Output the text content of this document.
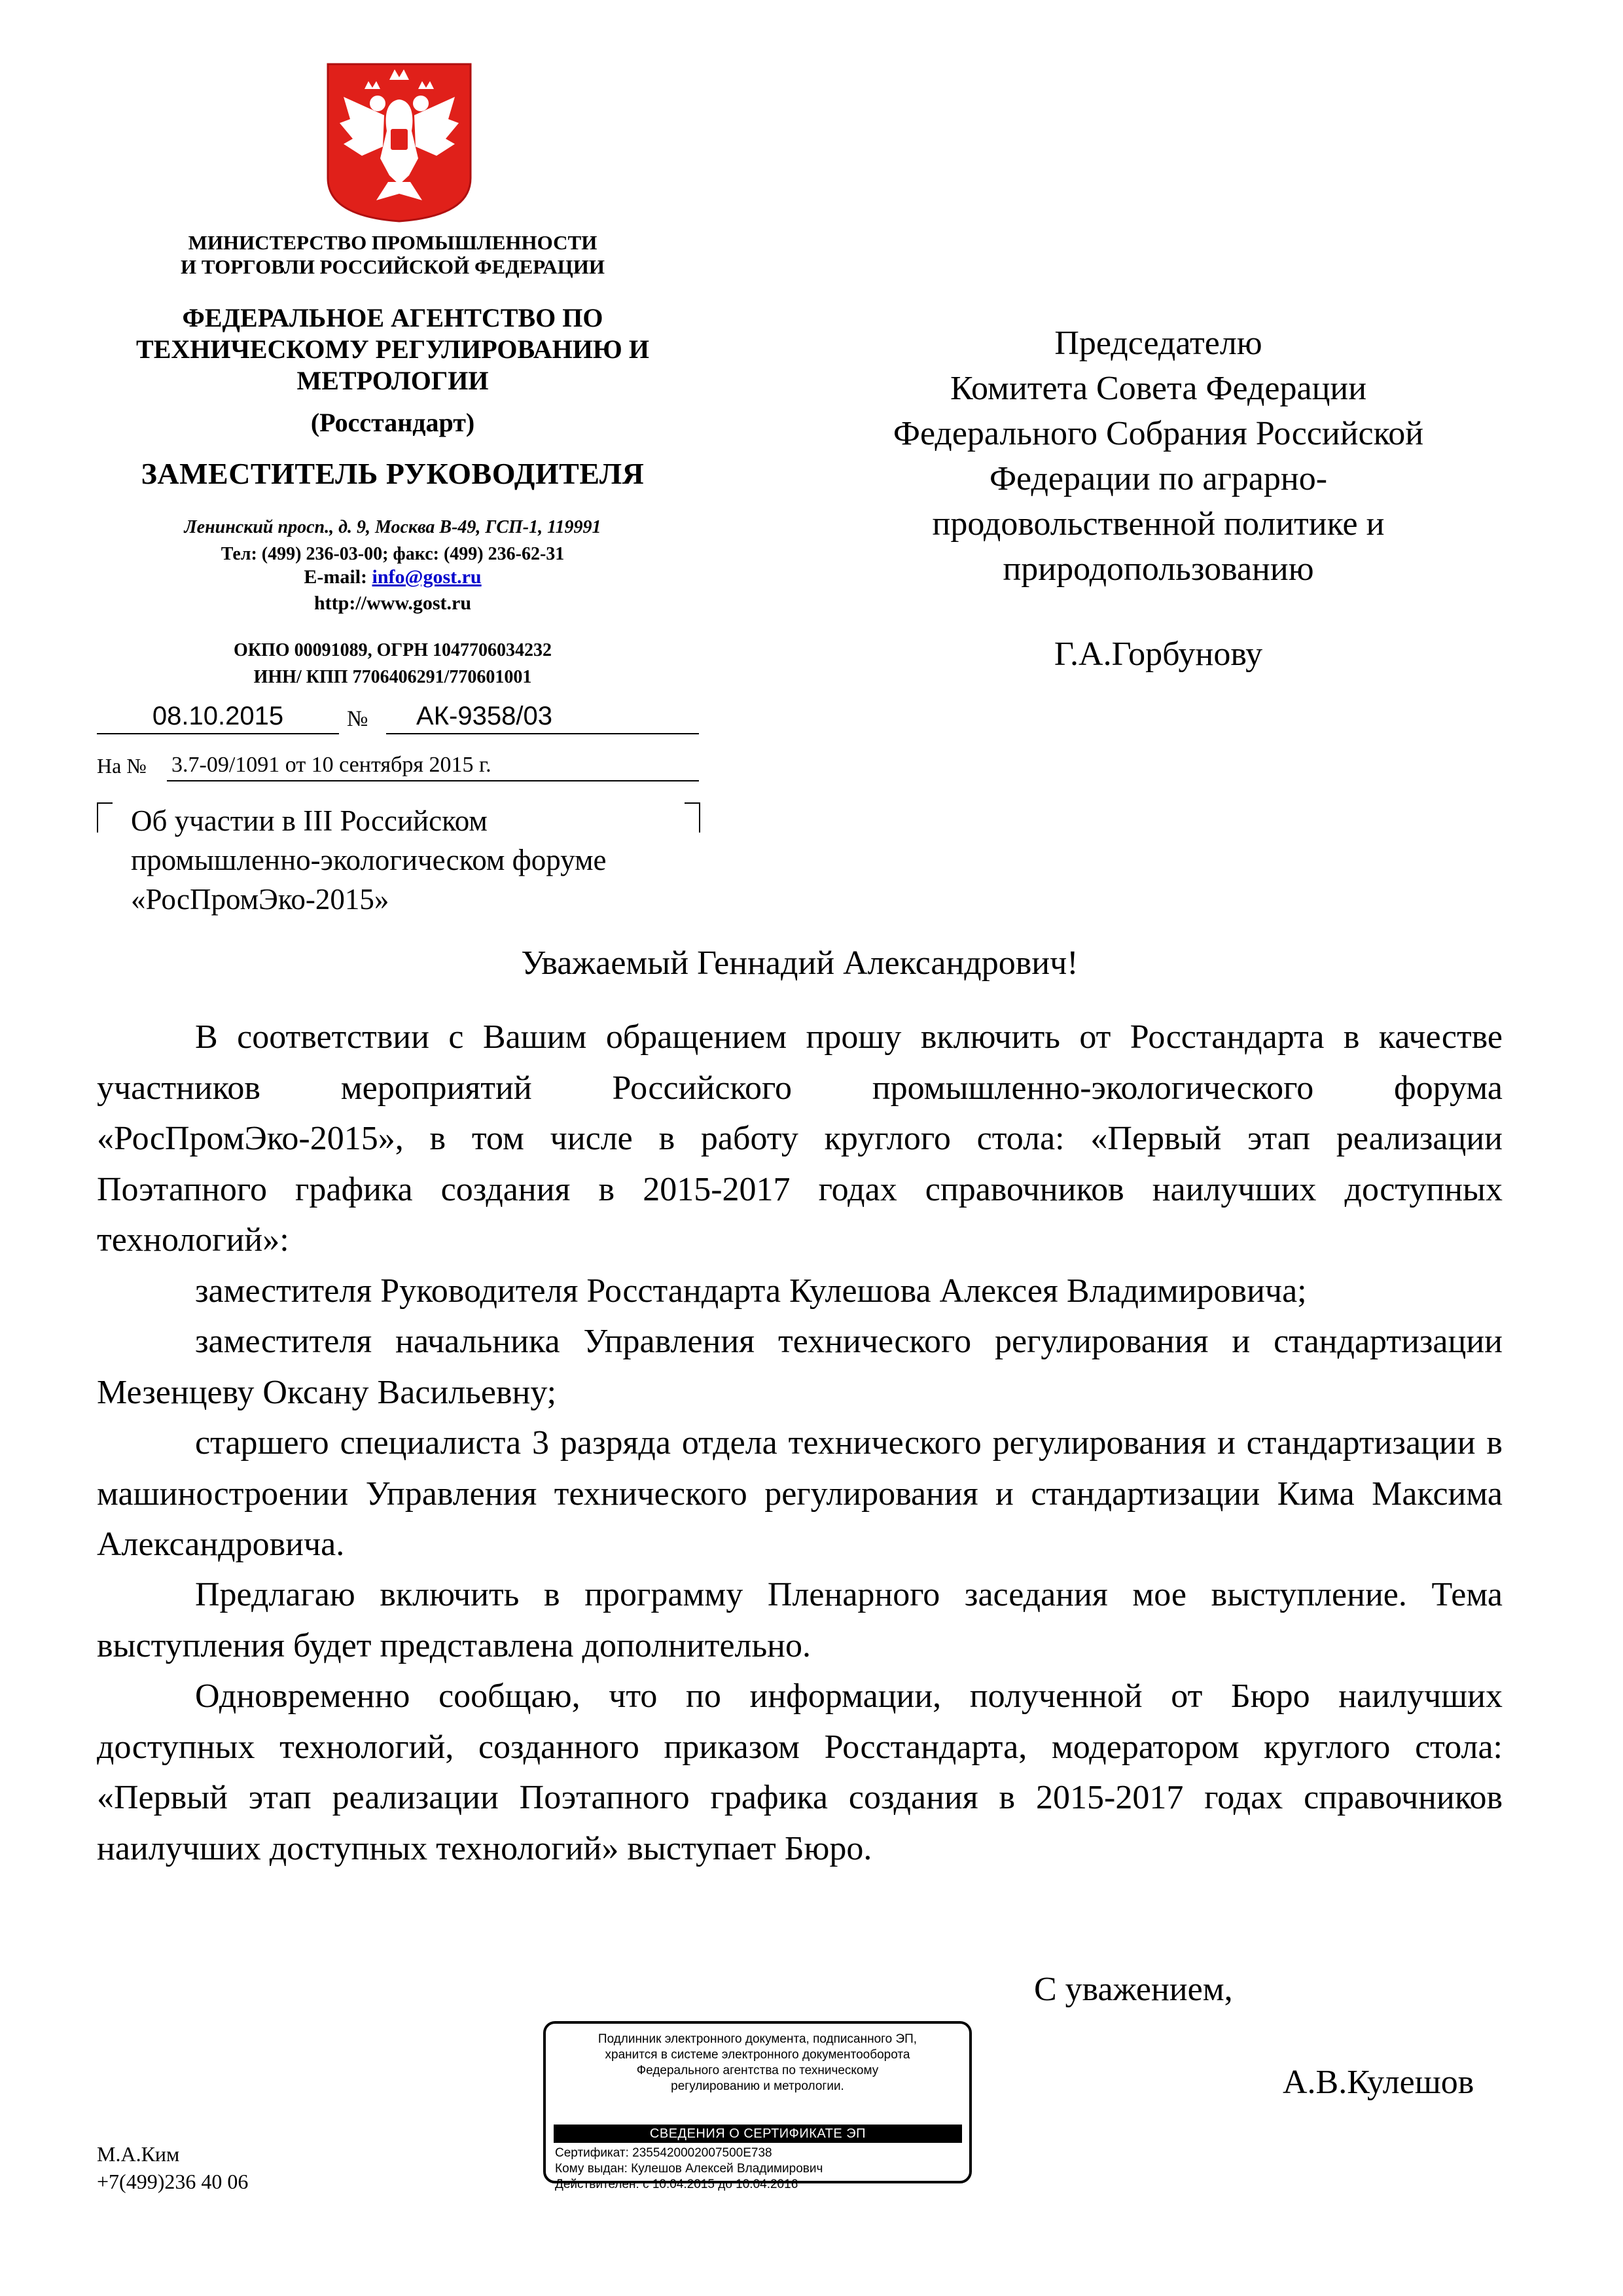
МИНИСТЕРСТВО ПРОМЫШЛЕННОСТИ
И ТОРГОВЛИ РОССИЙСКОЙ ФЕДЕРАЦИИ
ФЕДЕРАЛЬНОЕ АГЕНТСТВО ПО
ТЕХНИЧЕСКОМУ РЕГУЛИРОВАНИЮ И
МЕТРОЛОГИИ
(Росстандарт)
ЗАМЕСТИТЕЛЬ РУКОВОДИТЕЛЯ
Ленинский просп., д. 9, Москва В-49, ГСП-1, 119991
Тел: (499) 236-03-00; факс: (499) 236-62-31
E-mail: info@gost.ru
http://www.gost.ru
ОКПО 00091089, ОГРН 1047706034232
ИНН/ КПП 7706406291/770601001
08.10.2015	№	АК-9358/03
На № 3.7-09/1091 от 10 сентября 2015 г.
Об участии в III Российском
промышленно-экологическом форуме
«РосПромЭко-2015»
Председателю
Комитета Совета Федерации
Федерального Собрания Российской
Федерации по аграрно-
продовольственной политике и
природопользованию
Г.А.Горбунову
Уважаемый Геннадий Александрович!
В соответствии с Вашим обращением прошу включить от Росстандарта в качестве участников мероприятий Российского промышленно-экологического форума «РосПромЭко-2015», в том числе в работу круглого стола: «Первый этап реализации Поэтапного графика создания в 2015-2017 годах справочников наилучших доступных технологий»:
заместителя Руководителя Росстандарта Кулешова Алексея Владимировича;
заместителя начальника Управления технического регулирования и стандартизации Мезенцеву Оксану Васильевну;
старшего специалиста 3 разряда отдела технического регулирования и стандартизации в машиностроении Управления технического регулирования и стандартизации Кима Максима Александровича.
Предлагаю включить в программу Пленарного заседания мое выступление. Тема выступления будет представлена дополнительно.
Одновременно сообщаю, что по информации, полученной от Бюро наилучших доступных технологий, созданного приказом Росстандарта, модератором круглого стола: «Первый этап реализации Поэтапного графика создания в 2015-2017 годах справочников наилучших доступных технологий» выступает Бюро.
С уважением,
А.В.Кулешов
Подлинник электронного документа, подписанного ЭП,
хранится в системе электронного документооборота
Федерального агентства по техническому
регулированию и метрологии.
СВЕДЕНИЯ О СЕРТИФИКАТЕ ЭП
Сертификат: 2355420002007500E738
Кому выдан: Кулешов Алексей Владимирович
Действителен: с 10.04.2015 до 10.04.2016
М.А.Ким
+7(499)236 40 06
